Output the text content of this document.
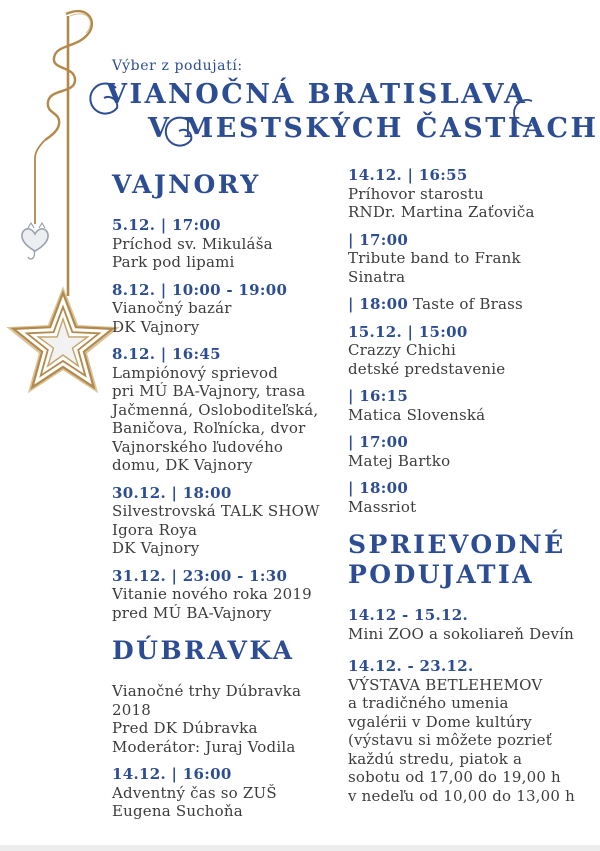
Výber z podujatí:
VIANOČNÁ BRATISLAVA
V MESTSKÝCH ČASTIACH
VAJNORY
5.12. | 17:00
Príchod sv. Mikuláša
Park pod lipami
8.12. | 10:00 - 19:00
Vianočný bazár
DK Vajnory
8.12. | 16:45
Lampiónový sprievod
pri MÚ BA-Vajnory, trasa
Jačmenná, Osloboditeľská,
Baničova, Roľnícka, dvor
Vajnorského ľudového
domu, DK Vajnory
30.12. | 18:00
Silvestrovská TALK SHOW
Igora Roya
DK Vajnory
31.12. | 23:00 - 1:30
Vitanie nového roka 2019
pred MÚ BA-Vajnory
DÚBRAVKA
Vianočné trhy Dúbravka
2018
Pred DK Dúbravka
Moderátor: Juraj Vodila
14.12. | 16:00
Adventný čas so ZUŠ
Eugena Suchoňa
14.12. | 16:55
Príhovor starostu
RNDr. Martina Zaťoviča
| 17:00
Tribute band to Frank
Sinatra
| 18:00 Taste of Brass
15.12. | 15:00
Crazzy Chichi
detské predstavenie
| 16:15
Matica Slovenská
| 17:00
Matej Bartko
| 18:00
Massriot
SPRIEVODNÉ PODUJATIA
14.12 - 15.12.
Mini ZOO a sokoliareň Devín
14.12. - 23.12.
VÝSTAVA BETLEHEMOV
a tradičného umenia
vgalérii v Dome kultúry
(výstavu si môžete pozrieť
každú stredu, piatok a
sobotu od 17,00 do 19,00 h
v nedeľu od 10,00 do 13,00 h
